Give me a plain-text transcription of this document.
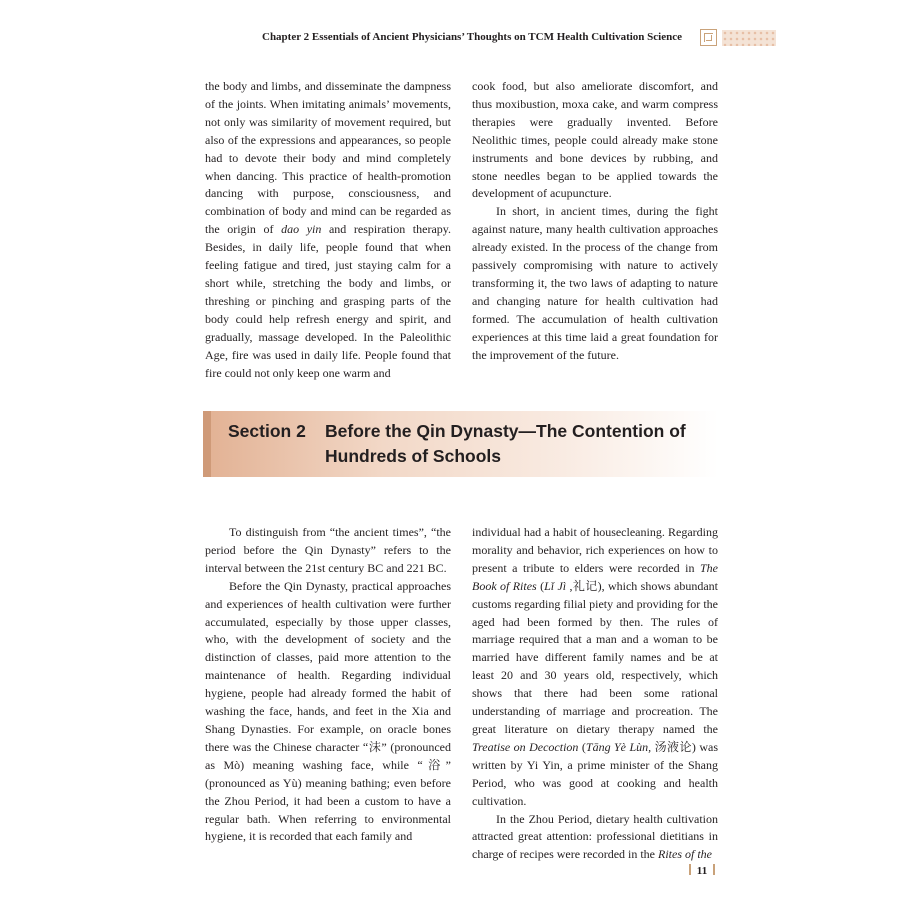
Chapter 2 Essentials of Ancient Physicians’ Thoughts on TCM Health Cultivation Science

the body and limbs, and disseminate the dampness of the joints. When imitating animals’ movements, not only was similarity of movement required, but also of the expressions and appearances, so people had to devote their body and mind completely when dancing. This practice of health-promotion dancing with purpose, consciousness, and combination of body and mind can be regarded as the origin of dao yin and respiration therapy. Besides, in daily life, people found that when feeling fatigue and tired, just staying calm for a short while, stretching the body and limbs, or threshing or pinching and grasping parts of the body could help refresh energy and spirit, and gradually, massage developed. In the Paleolithic Age, fire was used in daily life. People found that fire could not only keep one warm and

cook food, but also ameliorate discomfort, and thus moxibustion, moxa cake, and warm compress therapies were gradually invented. Before Neolithic times, people could already make stone instruments and bone devices by rubbing, and stone needles began to be applied towards the development of acupuncture.

In short, in ancient times, during the fight against nature, many health cultivation approaches already existed. In the process of the change from passively compromising with nature to actively transforming it, the two laws of adapting to nature and changing nature for health cultivation had formed. The accumulation of health cultivation experiences at this time laid a great foundation for the improvement of the future.

Section 2 Before the Qin Dynasty—The Contention of
Hundreds of Schools

To distinguish from “the ancient times”, “the period before the Qin Dynasty” refers to the interval between the 21st century BC and 221 BC.

Before the Qin Dynasty, practical approaches and experiences of health cultivation were further accumulated, especially by those upper classes, who, with the development of society and the distinction of classes, paid more attention to the maintenance of health. Regarding individual hygiene, people had already formed the habit of washing the face, hands, and feet in the Xia and Shang Dynasties. For example, on oracle bones there was the Chinese character “沫” (pronounced as Mò) meaning washing face, while “浴” (pronounced as Yù) meaning bathing; even before the Zhou Period, it had been a custom to have a regular bath. When referring to environmental hygiene, it is recorded that each family and

individual had a habit of housecleaning. Regarding morality and behavior, rich experiences on how to present a tribute to elders were recorded in The Book of Rites (Lǐ Jì ,礼记), which shows abundant customs regarding filial piety and providing for the aged had been formed by then. The rules of marriage required that a man and a woman to be married have different family names and be at least 20 and 30 years old, respectively, which shows that there had been some rational understanding of marriage and procreation. The great literature on dietary therapy named the Treatise on Decoction (Tāng Yè Lùn, 汤液论) was written by Yi Yin, a prime minister of the Shang Period, who was good at cooking and health cultivation.

In the Zhou Period, dietary health cultivation attracted great attention: professional dietitians in charge of recipes were recorded in the Rites of the

11
